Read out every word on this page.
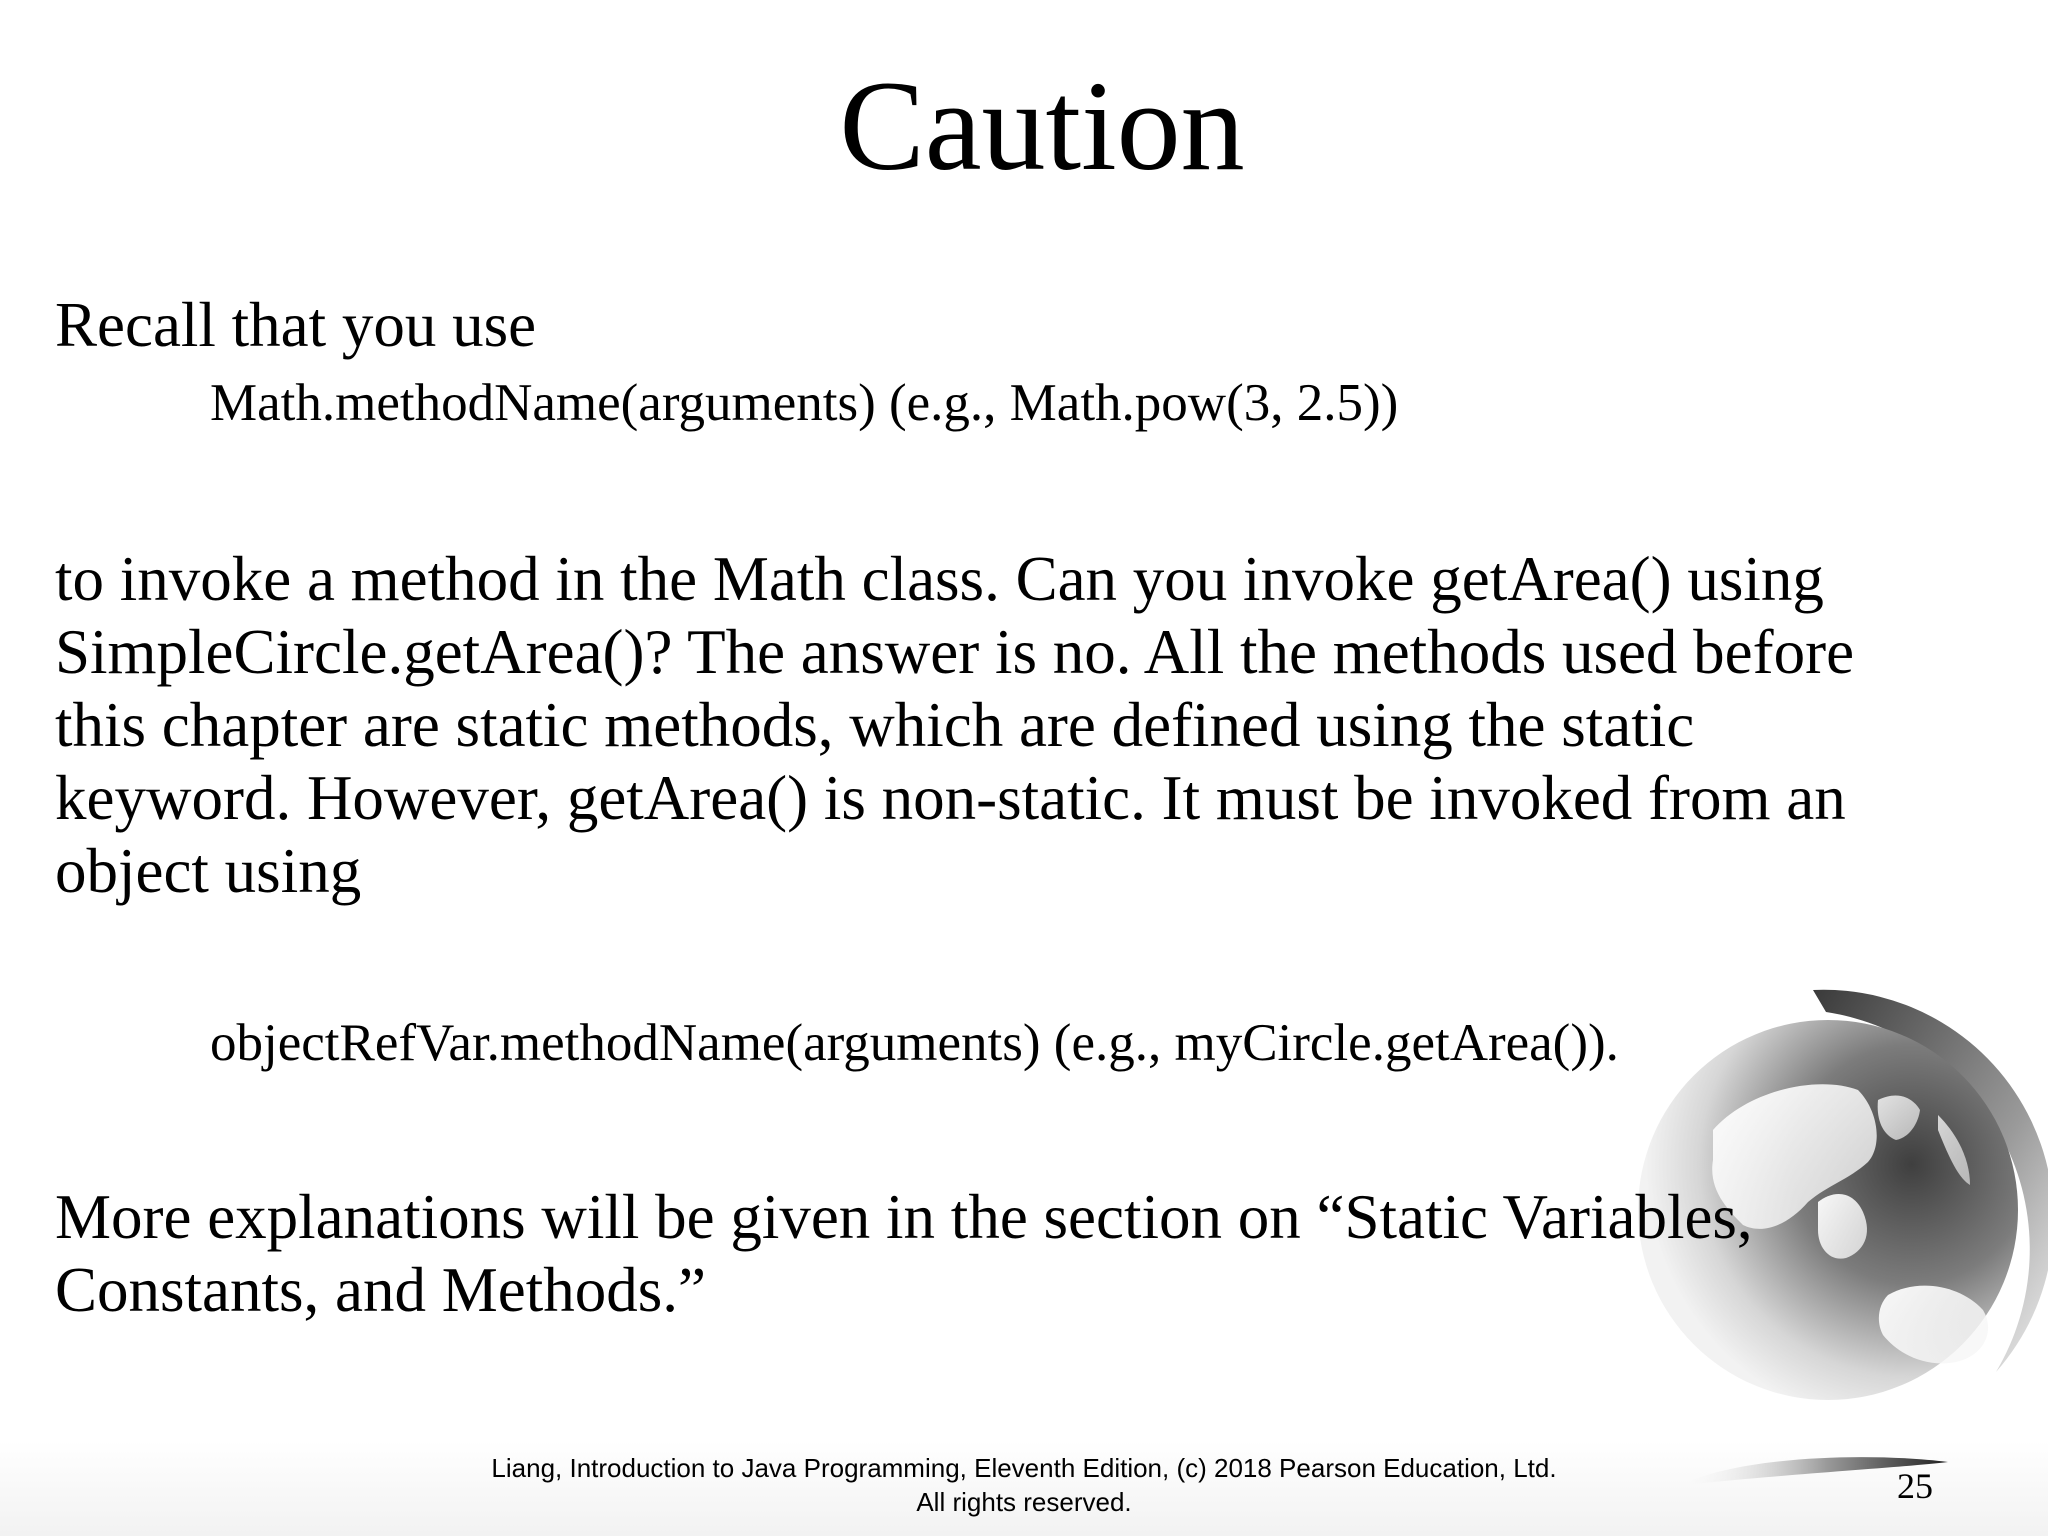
Caution

Recall that you use

Math.methodName(arguments) (e.g., Math.pow(3, 2.5))

to invoke a method in the Math class. Can you invoke getArea() using

SimpleCircle.getArea()? The answer is no. All the methods used before

this chapter are static methods, which are defined using the static

keyword. However, getArea() is non-static. It must be invoked from an

object using

objectRefVar.methodName(arguments) (e.g., myCircle.getArea()).

More explanations will be given in the section on “Static Variables,

Constants, and Methods.”

Liang, Introduction to Java Programming, Eleventh Edition, (c) 2018 Pearson Education, Ltd.
All rights reserved.	25
